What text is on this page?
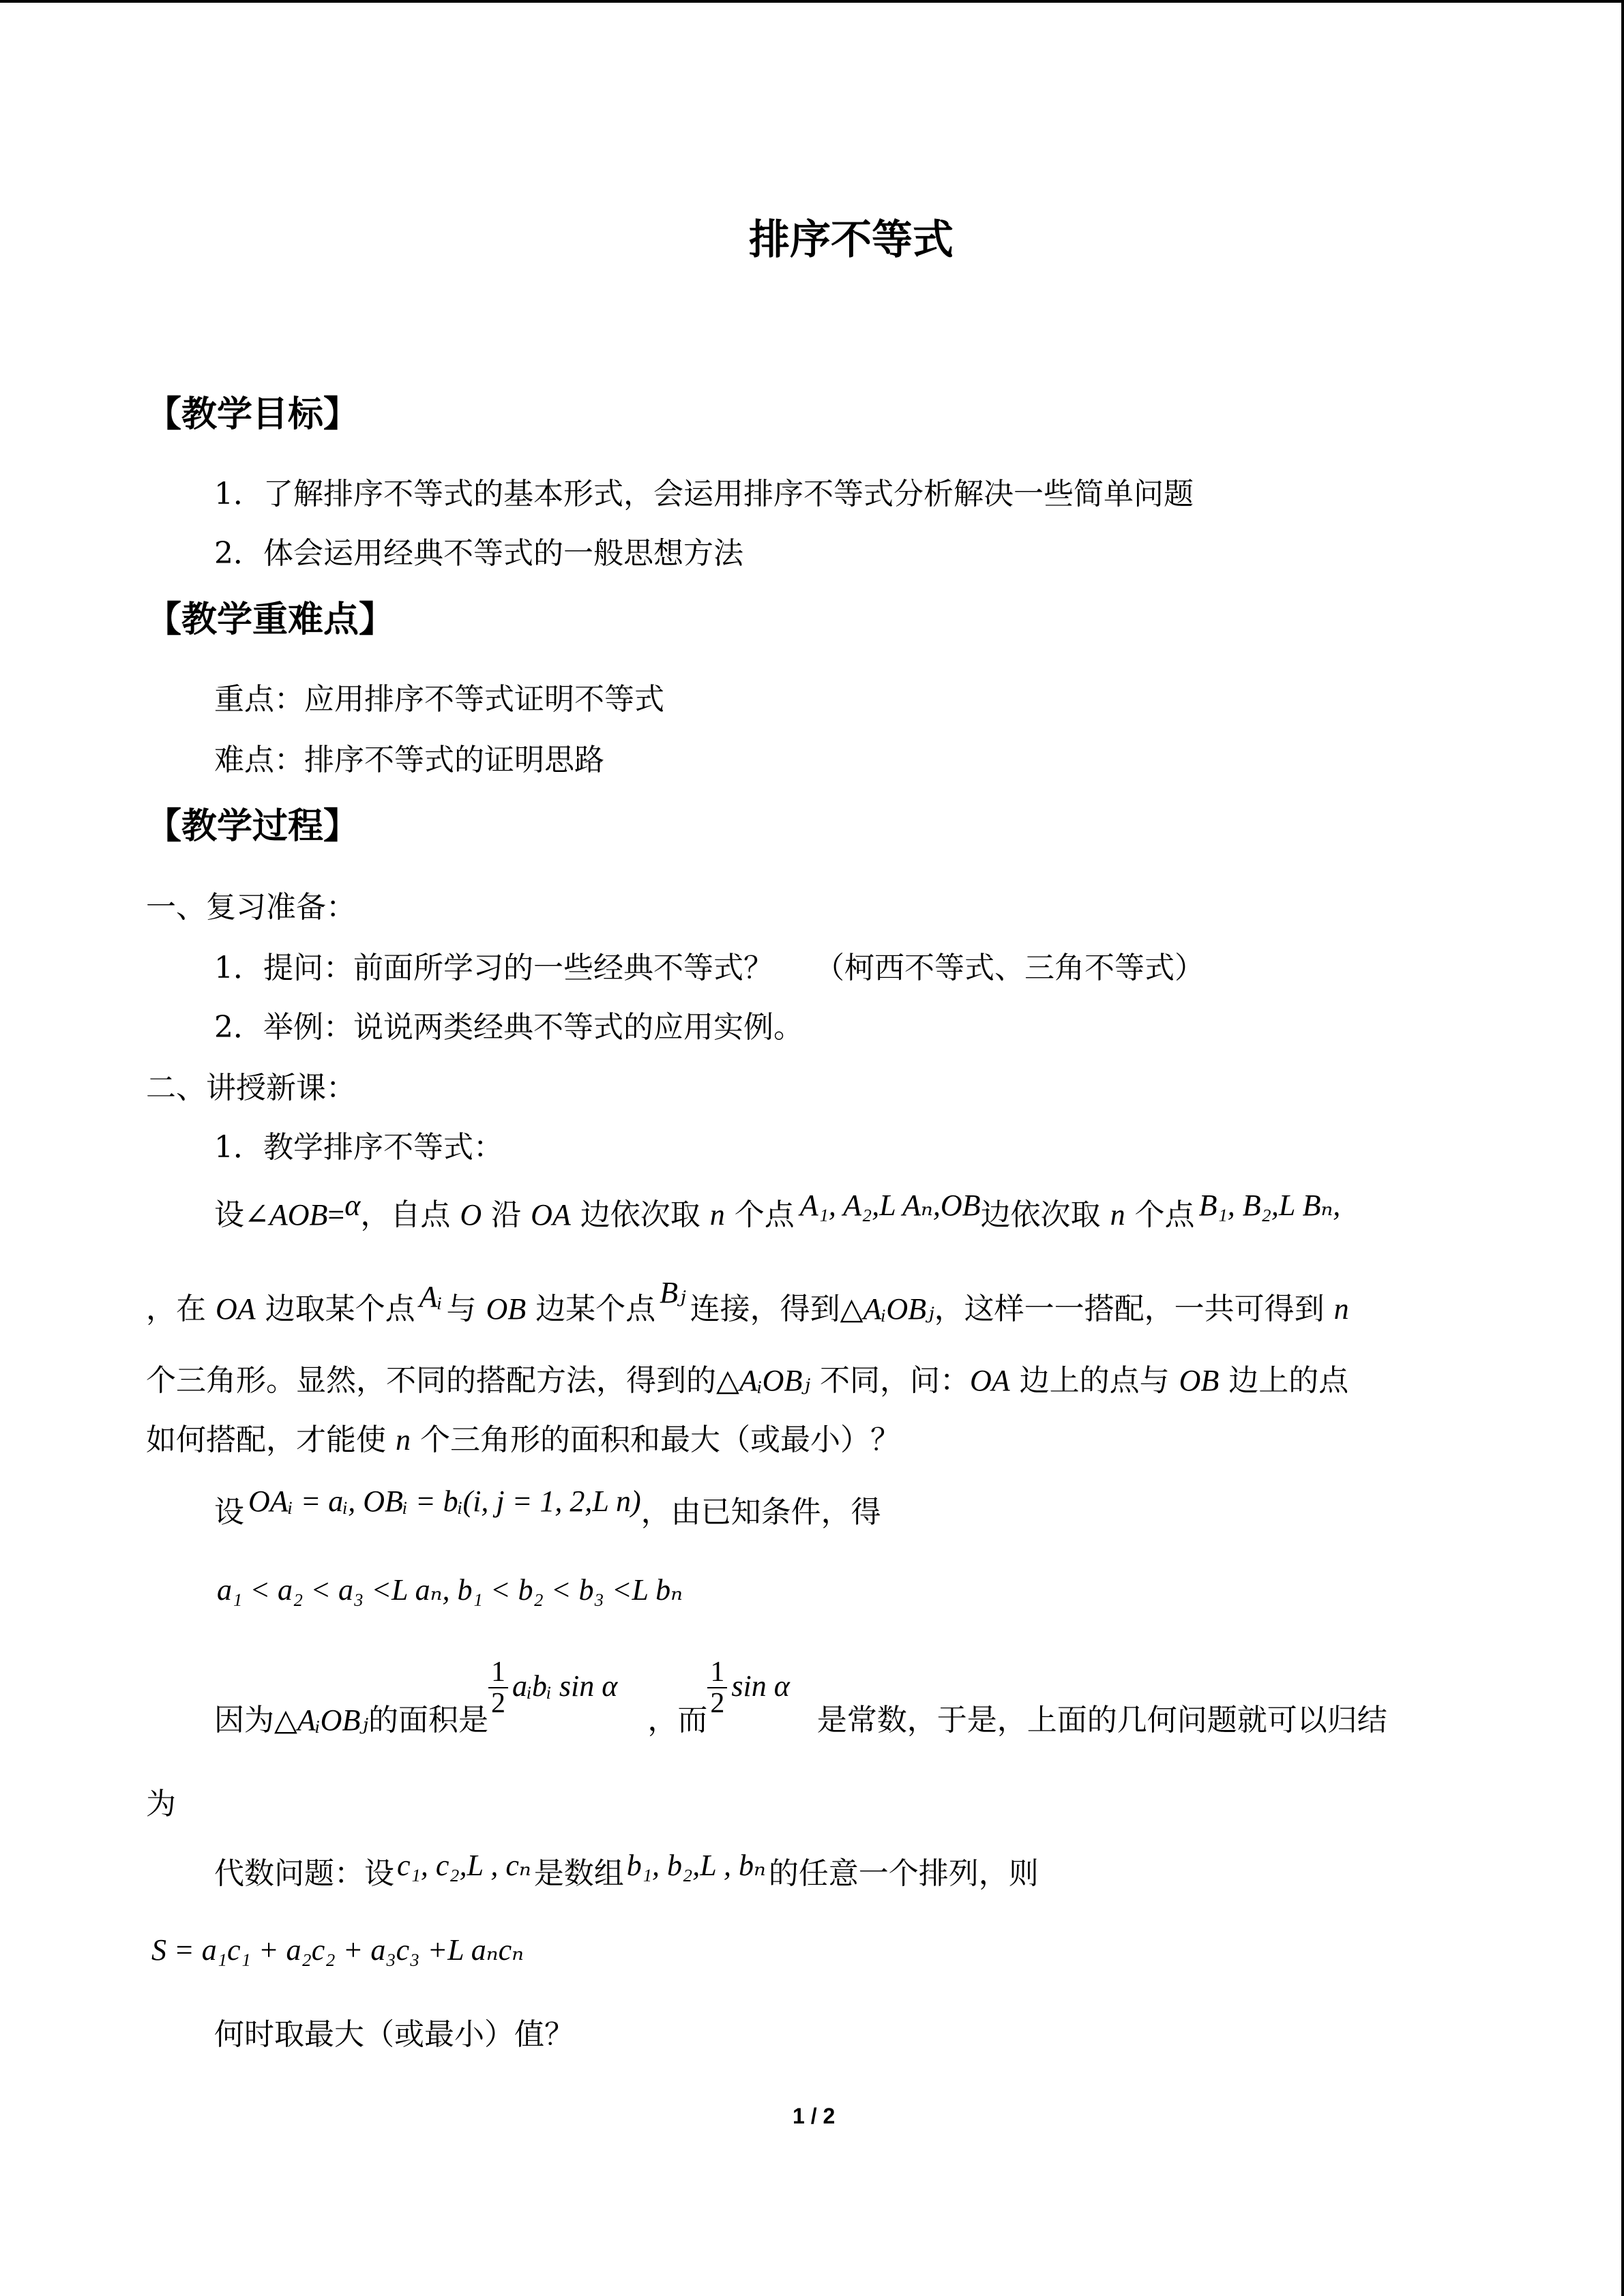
排序不等式
【教学目标】
1．了解排序不等式的基本形式，会运用排序不等式分析解决一些简单问题
2．体会运用经典不等式的一般思想方法
【教学重难点】
重点：应用排序不等式证明不等式
难点：排序不等式的证明思路
【教学过程】
一、复习准备：
1．提问：前面所学习的一些经典不等式？ （柯西不等式、三角不等式）
2．举例：说说两类经典不等式的应用实例。
二、讲授新课：
1．教学排序不等式：
设∠AOB=α，自点 O 沿 OA 边依次取 n 个点 A₁, A₂,L Aₙ,OB边依次取 n 个点 B₁, B₂,L Bₙ,
，在 OA 边取某个点 Aᵢ 与 OB 边某个点 Bⱼ 连接，得到△AᵢOBⱼ，这样一一搭配，一共可得到 n
个三角形。显然，不同的搭配方法，得到的△AᵢOBⱼ 不同，问：OA 边上的点与 OB 边上的点
如何搭配，才能使 n 个三角形的面积和最大（或最小）？
设 OAᵢ = aᵢ, OBᵢ = bᵢ(i, j = 1, 2,L n)，由已知条件，得
a₁ < a₂ < a₃ <L aₙ, b₁ < b₂ < b₃ <L bₙ
因为△AᵢOBⱼ的面积是
$\frac{1}{2}$ aᵢbᵢ sin α，而
$\frac{1}{2}$ sin α是常数，于是，上面的几何问题就可以归结
为
代数问题：设c₁, c₂,L , cₙ是数组b₁, b₂,L , bₙ的任意一个排列，则
S = a₁c₁ + a₂c₂ + a₃c₃ +L aₙcₙ
何时取最大（或最小）值？
1 / 2
